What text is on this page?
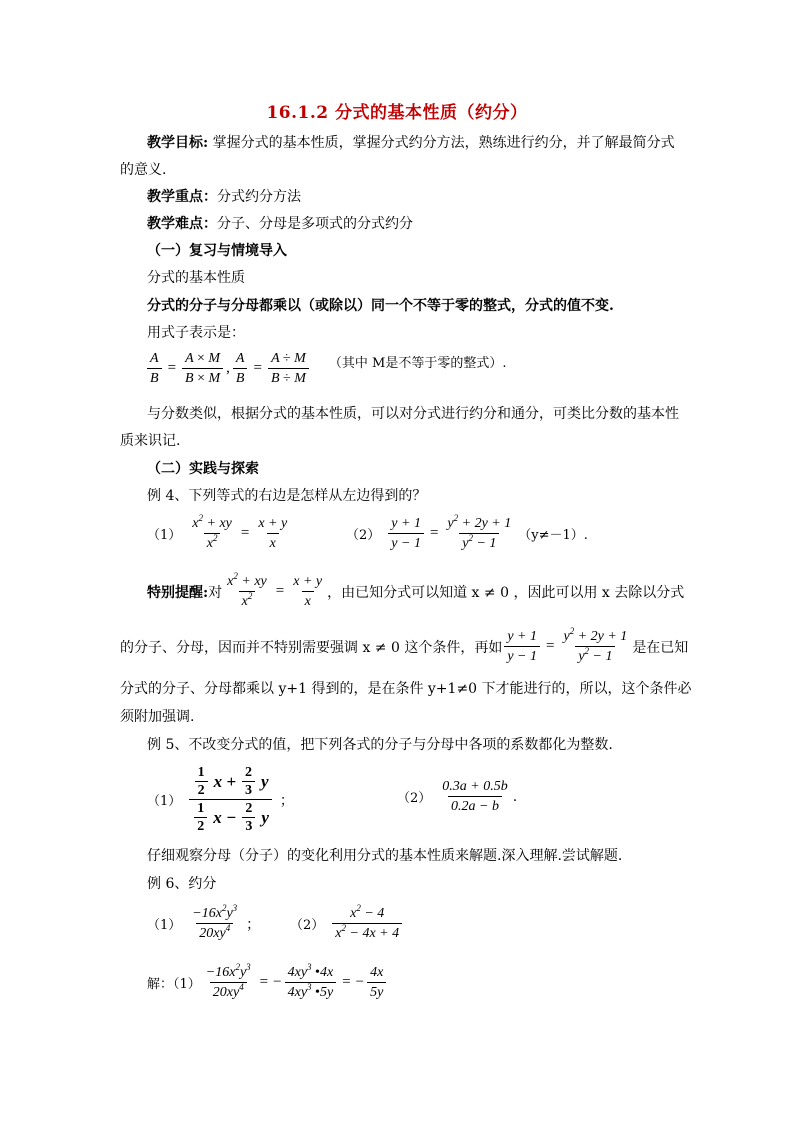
16.1.2 分式的基本性质（约分）
教学目标: 掌握分式的基本性质，掌握分式约分方法，熟练进行约分，并了解最简分式
的意义.
教学重点：分式约分方法
教学难点：分子、分母是多项式的分式约分
（一）复习与情境导入
分式的基本性质
分式的分子与分母都乘以（或除以）同一个不等于零的整式，分式的值不变.
用式子表示是：
$\frac{A}{B} = \frac{A \times M}{B \times M}$ , $\frac{A}{B} = \frac{A \div M}{B \div M}$ （其中 M是不等于零的整式）.
与分数类似，根据分式的基本性质，可以对分式进行约分和通分，可类比分数的基本性
质来识记.
（二）实践与探索
例 4、下列等式的右边是怎样从左边得到的？
$(1) \frac{x^2 + xy}{x^2} = \frac{x + y}{x}$	$(2) \frac{y + 1}{y - 1} = \frac{y^2 + 2y + 1}{y^2 - 1} (y\ne-1)$.
特别提醒: 对 $\frac{x^2 + xy}{x^2} = \frac{x + y}{x}$ ，由已知分式可以知道 x ≠ 0 ，因此可以用 x 去除以分式
的分子、分母，因而并不特别需要强调 x ≠ 0 这个条件，再如 $\frac{y + 1}{y - 1} = \frac{y^2 + 2y + 1}{y^2 - 1}$ 是在已知
分式的分子、分母都乘以 y+1 得到的，是在条件 y+1≠0 下才能进行的，所以，这个条件必
须附加强调.
例 5、不改变分式的值，把下列各式的分子与分母中各项的系数都化为整数.
$(1) \frac{\frac{1}{2} x + \frac{2}{3} y}{\frac{1}{2} x - \frac{2}{3} y}$ ；	$(2) \frac{0.3a + 0.5b}{0.2a - b}$ .
仔细观察分母（分子）的变化利用分式的基本性质来解题.深入理解.尝试解题.
例 6、约分
$(1) \frac{-16x^2y^3}{20xy^4}$ ； $(2) \frac{x^2 - 4}{x^2 - 4x + 4}$
解：$(1) \frac{-16x^2y^3}{20xy^4}$ = − $\frac{4xy^3 •4x}{4xy^3 •5y}$ = − $\frac{4x}{5y}$
